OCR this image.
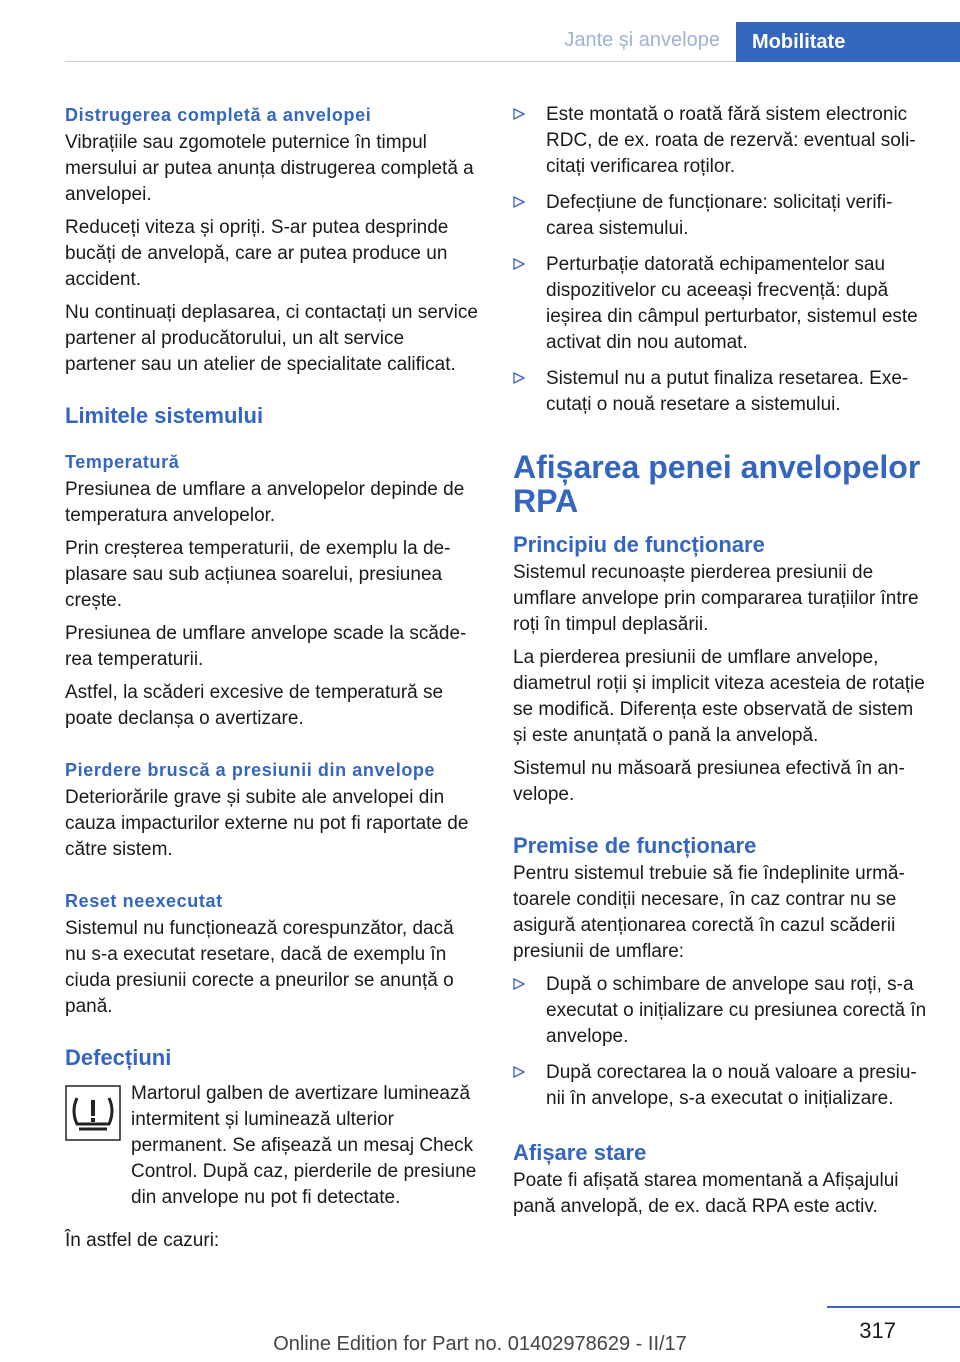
Jante și anvelope	Mobilitate
Distrugerea completă a anvelopei

Vibrațiile sau zgomotele puternice în timpul mersului ar putea anunța distrugerea completă a anvelopei.

Reduceți viteza și opriți. S-ar putea desprinde bucăți de anvelopă, care ar putea produce un accident.

Nu continuați deplasarea, ci contactați un service partener al producătorului, un alt service partener sau un atelier de specialitate calificat.

Limitele sistemului
Temperatură

Presiunea de umflare a anvelopelor depinde de temperatura anvelopelor.

Prin creșterea temperaturii, de exemplu la deplasare sau sub acțiunea soarelui, presiunea crește.

Presiunea de umflare anvelope scade la scăderea temperaturii.

Astfel, la scăderi excesive de temperatură se poate declanșa o avertizare.

Pierdere bruscă a presiunii din anvelope

Deteriorările grave și subite ale anvelopei din cauza impacturilor externe nu pot fi raportate de către sistem.

Reset neexecutat

Sistemul nu funcționează corespunzător, dacă nu s-a executat resetare, dacă de exemplu în ciuda presiunii corecte a pneurilor se anunță o pană.

Defecțiuni

Martorul galben de avertizare luminează intermitent și luminează ulterior permanent. Se afișează un mesaj Check Control. După caz, pierderile de presiune din anvelope nu pot fi detectate.

În astfel de cazuri:

Este montată o roată fără sistem electronic RDC, de ex. roata de rezervă: eventual solicitați verificarea roților.
Defecțiune de funcționare: solicitați verificarea sistemului.
Perturbație datorată echipamentelor sau dispozitivelor cu aceeași frecvență: după ieșirea din câmpul perturbator, sistemul este activat din nou automat.
Sistemul nu a putut finaliza resetarea. Executați o nouă resetare a sistemului.
Afișarea penei anvelopelor RPA
Principiu de funcționare

Sistemul recunoaște pierderea presiunii de umflare anvelope prin compararea turațiilor între roți în timpul deplasării.

La pierderea presiunii de umflare anvelope, diametrul roții și implicit viteza acesteia de rotație se modifică. Diferența este observată de sistem și este anunțată o pană la anvelopă.

Sistemul nu măsoară presiunea efectivă în anvelope.

Premise de funcționare

Pentru sistemul trebuie să fie îndeplinite următoarele condiții necesare, în caz contrar nu se asigură atenționarea corectă în cazul scăderii presiunii de umflare:

După o schimbare de anvelope sau roți, s-a executat o inițializare cu presiunea corectă în anvelope.
După corectarea la o nouă valoare a presiunii în anvelope, s-a executat o inițializare.
Afișare stare

Poate fi afișată starea momentană a Afișajului pană anvelopă, de ex. dacă RPA este activ.

317
Online Edition for Part no. 01402978629 - II/17
